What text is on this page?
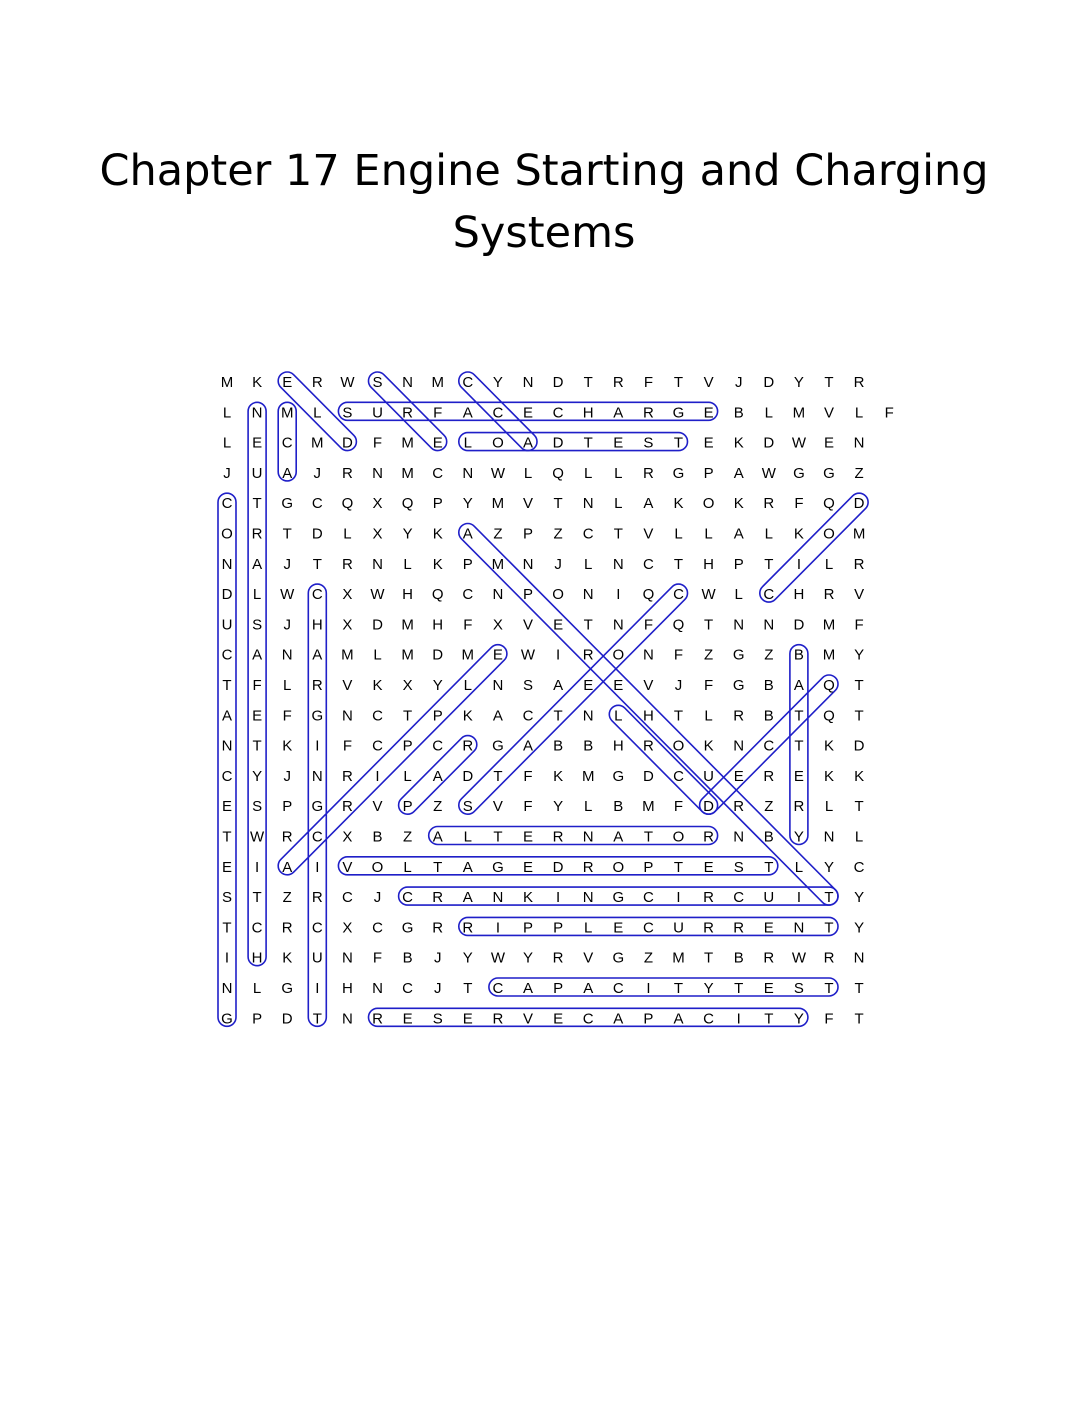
Chapter 17 Engine Starting and Charging
Systems
M K E R W S N M C Y N D T R F T V J D Y T R
L N M L S U R F A C E C H A R G E B L M V L F
L E C M D F M E L O A D T E S T E K D W E N
J U A J R N M C N W L Q L L R G P A W G G Z
C T G C Q X Q P Y M V T N L A K O K R F Q D
O R T D L X Y K A Z P Z C T V L L A L K O M
N A J T R N L K P M N J L N C T H P T I L R
D L W C X W H Q C N P O N I Q C W L C H R V
U S J H X D M H F X V E T N F Q T N N D M F
C A N A M L M D M E W I R O N F Z G Z B M Y
T F L R V K X Y L N S A E E V J F G B A Q T
A E F G N C T P K A C T N L H T L R B T Q T
N T K I F C P C R G A B B H R O K N C T K D
C Y J N R I L A D T F K M G D C U E R E K K
E S P G R V P Z S V F Y L B M F D R Z R L T
T W R C X B Z A L T E R N A T O R N B Y N L
E I A I V O L T A G E D R O P T E S T L Y C
S T Z R C J C R A N K I N G C I R C U I T Y
T C R C X C G R R I P P L E C U R R E N T Y
I H K U N F B J Y W Y R V G Z M T B R W R N
N L G I H N C J T C A P A C I T Y T E S T T
G P D T N R E S E R V E C A P A C I T Y F T
